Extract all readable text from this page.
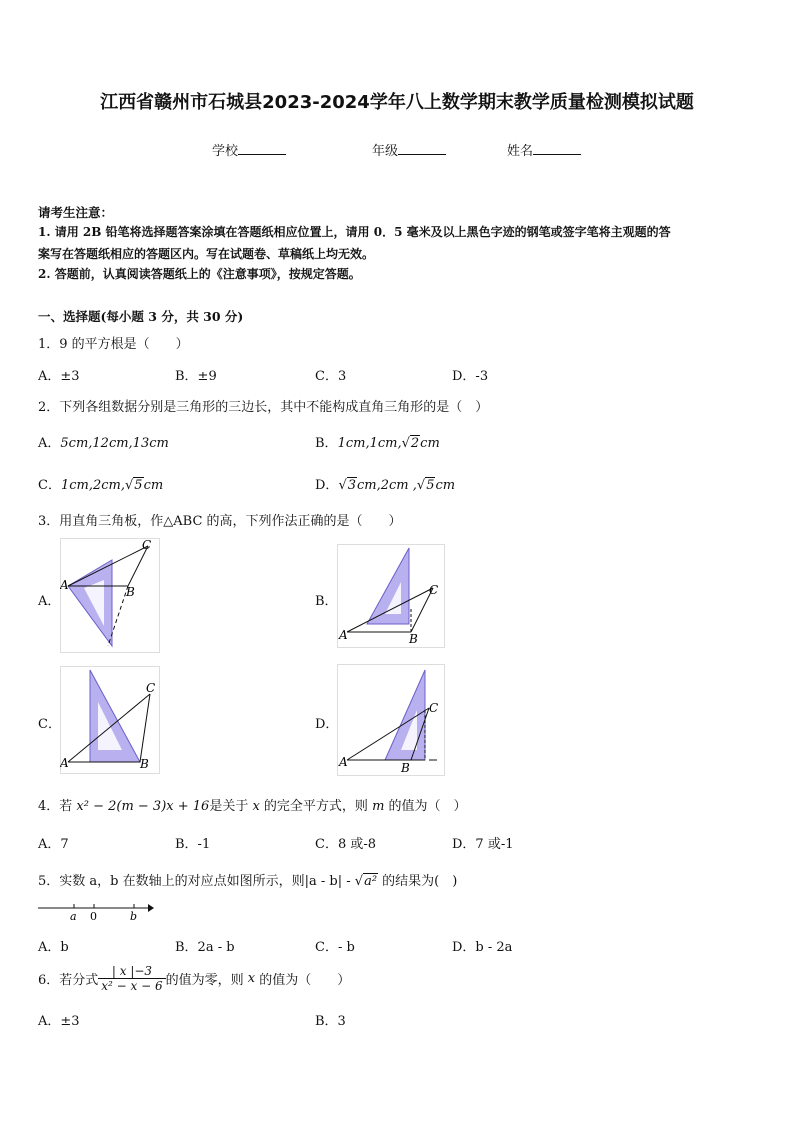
江西省赣州市石城县2023-2024学年八上数学期末教学质量检测模拟试题
学校	年级	姓名
请考生注意：
1. 请用 2B 铅笔将选择题答案涂填在答题纸相应位置上，请用 0．5 毫米及以上黑色字迹的钢笔或签字笔将主观题的答
案写在答题纸相应的答题区内。写在试题卷、草稿纸上均无效。
2. 答题前，认真阅读答题纸上的《注意事项》，按规定答题。
一、选择题(每小题 3 分，共 30 分)
1．9 的平方根是（　　）
A．±3	B．±9	C．3	D．-3
2．下列各组数据分别是三角形的三边长，其中不能构成直角三角形的是（　）
A．5cm,12cm,13cm	B．1cm,1cm,√2cm
C．1cm,2cm,√5cm	D．√3cm,2cm ,√5cm
3．用直角三角板，作△ABC 的高，下列作法正确的是（　　）
A．	B．
C．	D．
A	B
C
A	B
C
A	B
C
A	B
C
4．若 x² − 2(m − 3)x + 16是关于 x 的完全平方式，则 m 的值为（　）
A．7	B．-1	C．8 或-8	D．7 或-1
5．实数 a，b 在数轴上的对应点如图所示，则|a - b| - √a² 的结果为(　)
a 0	b
A．b	B．2a - b	C．- b	D．b - 2a
6．若分式 $\frac{| x |-3}{\text{x² − x − 6}}$ 的值为零，则 x 的值为（　　）
A．±3	B．3
